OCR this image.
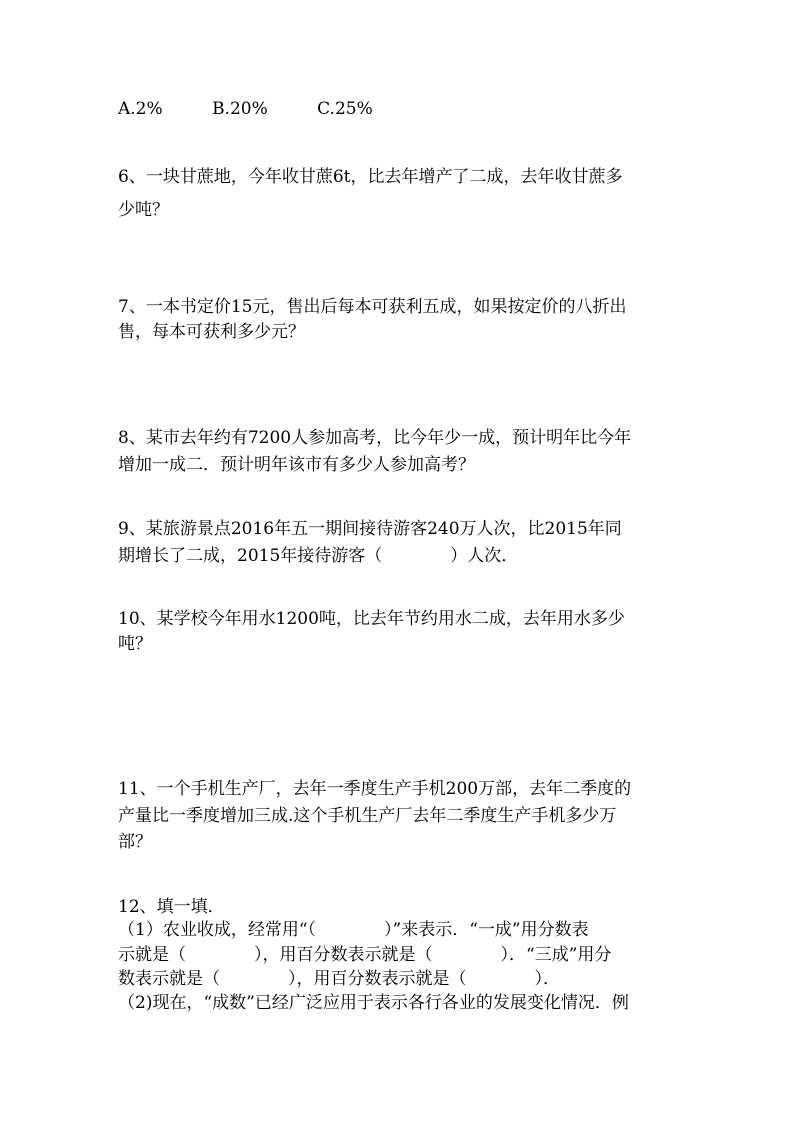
A.2%	B.20%	C.25%
6、一块甘蔗地，今年收甘蔗6t，比去年增产了二成，去年收甘蔗多
少吨？
7、一本书定价15元，售出后每本可获利五成，如果按定价的八折出
售，每本可获利多少元？
8、某市去年约有7200人参加高考，比今年少一成，预计明年比今年
增加一成二．预计明年该市有多少人参加高考？
9、某旅游景点2016年五一期间接待游客240万人次，比2015年同
期增长了二成，2015年接待游客（　　　　）人次．
10、某学校今年用水1200吨，比去年节约用水二成，去年用水多少
吨？
11、一个手机生产厂，去年一季度生产手机200万部，去年二季度的
产量比一季度增加三成.这个手机生产厂去年二季度生产手机多少万
部？
12、填一填．
（1）农业收成，经常用“（　　　　）”来表示．“一成”用分数表
示就是（　　　　），用百分数表示就是（　　　　）．“三成”用分
数表示就是（　　　　），用百分数表示就是（　　　　）．
（2)现在，“成数”已经广泛应用于表示各行各业的发展变化情况．例
